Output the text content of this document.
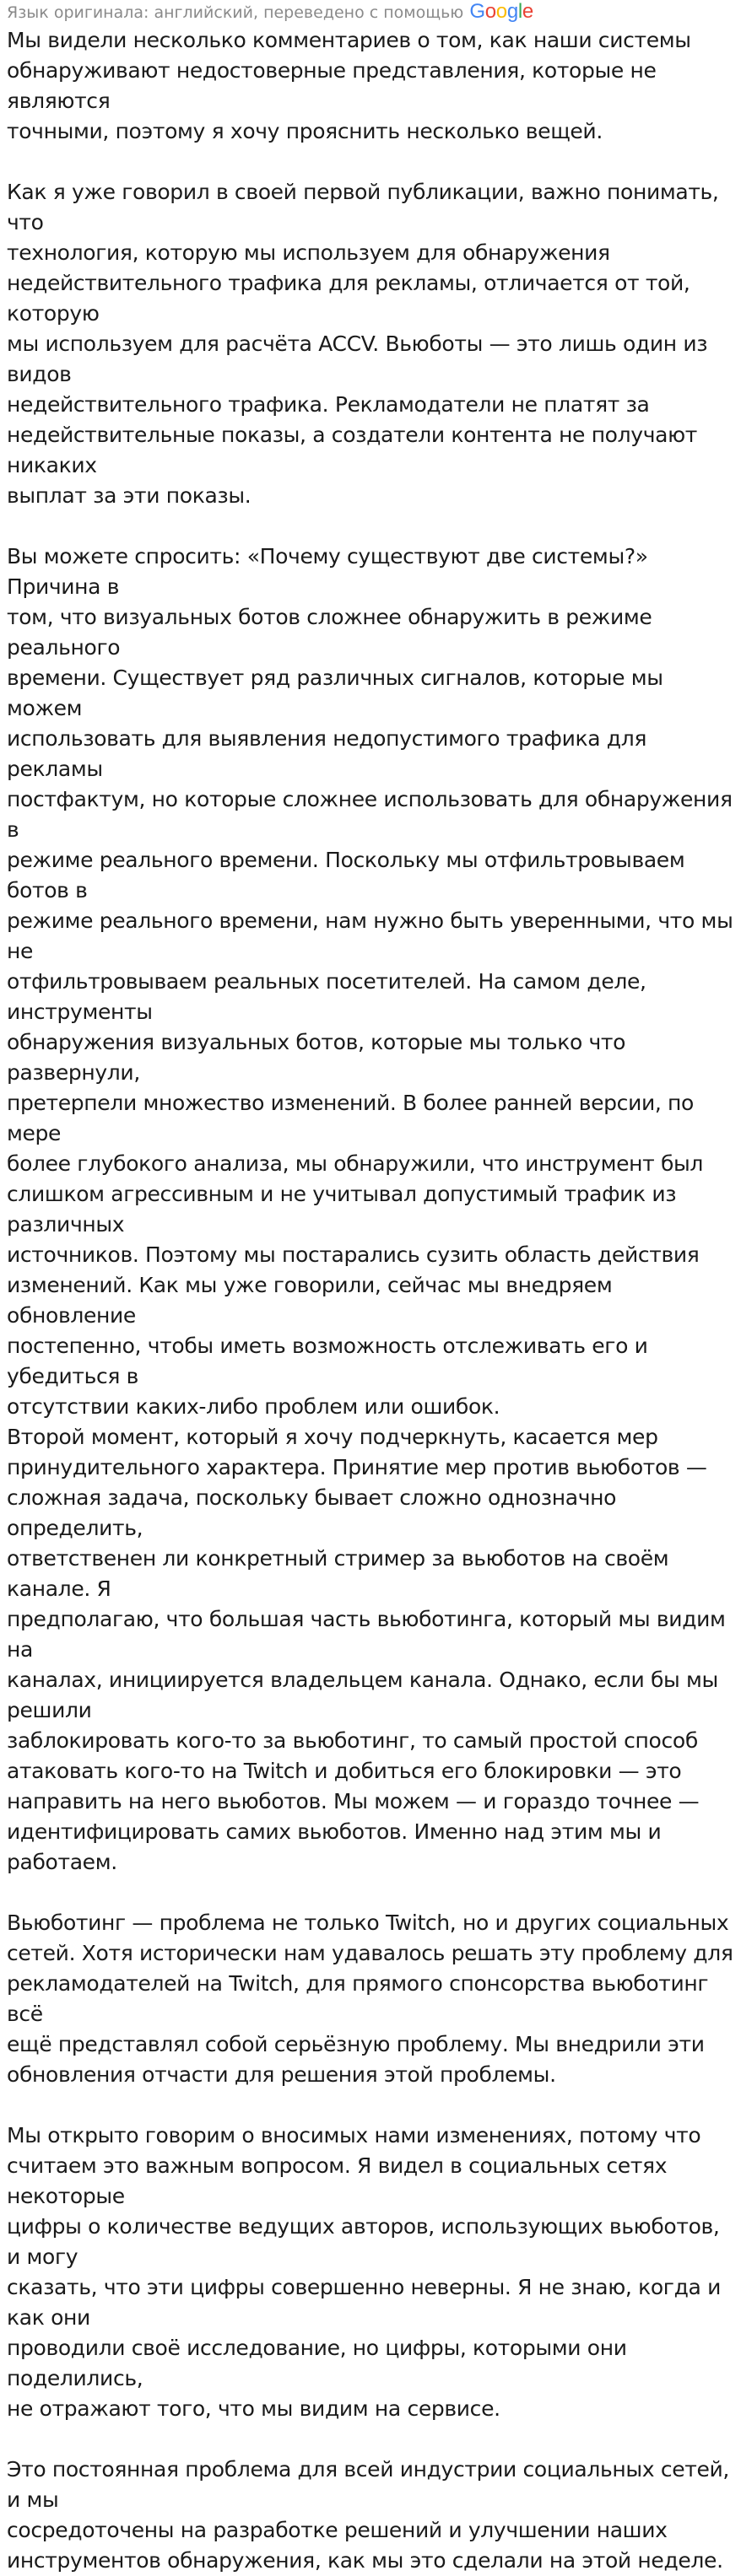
Язык оригинала: английский, переведено с помощью Google

Мы видели несколько комментариев о том, как наши системы
обнаруживают недостоверные представления, которые не являются
точными, поэтому я хочу прояснить несколько вещей.

Как я уже говорил в своей первой публикации, важно понимать, что
технология, которую мы используем для обнаружения
недействительного трафика для рекламы, отличается от той, которую
мы используем для расчёта ACCV. Вьюботы — это лишь один из видов
недействительного трафика. Рекламодатели не платят за
недействительные показы, а создатели контента не получают никаких
выплат за эти показы.

Вы можете спросить: «Почему существуют две системы?» Причина в
том, что визуальных ботов сложнее обнаружить в режиме реального
времени. Существует ряд различных сигналов, которые мы можем
использовать для выявления недопустимого трафика для рекламы
постфактум, но которые сложнее использовать для обнаружения в
режиме реального времени. Поскольку мы отфильтровываем ботов в
режиме реального времени, нам нужно быть уверенными, что мы не
отфильтровываем реальных посетителей. На самом деле, инструменты
обнаружения визуальных ботов, которые мы только что развернули,
претерпели множество изменений. В более ранней версии, по мере
более глубокого анализа, мы обнаружили, что инструмент был
слишком агрессивным и не учитывал допустимый трафик из различных
источников. Поэтому мы постарались сузить область действия
изменений. Как мы уже говорили, сейчас мы внедряем обновление
постепенно, чтобы иметь возможность отслеживать его и убедиться в
отсутствии каких-либо проблем или ошибок.

Второй момент, который я хочу подчеркнуть, касается мер
принудительного характера. Принятие мер против вьюботов —
сложная задача, поскольку бывает сложно однозначно определить,
ответственен ли конкретный стример за вьюботов на своём канале. Я
предполагаю, что большая часть вьюботинга, который мы видим на
каналах, инициируется владельцем канала. Однако, если бы мы решили
заблокировать кого-то за вьюботинг, то самый простой способ
атаковать кого-то на Twitch и добиться его блокировки — это
направить на него вьюботов. Мы можем — и гораздо точнее —
идентифицировать самих вьюботов. Именно над этим мы и работаем.

Вьюботинг — проблема не только Twitch, но и других социальных
сетей. Хотя исторически нам удавалось решать эту проблему для
рекламодателей на Twitch, для прямого спонсорства вьюботинг всё
ещё представлял собой серьёзную проблему. Мы внедрили эти
обновления отчасти для решения этой проблемы.

Мы открыто говорим о вносимых нами изменениях, потому что
считаем это важным вопросом. Я видел в социальных сетях некоторые
цифры о количестве ведущих авторов, использующих вьюботов, и могу
сказать, что эти цифры совершенно неверны. Я не знаю, когда и как они
проводили своё исследование, но цифры, которыми они поделились,
не отражают того, что мы видим на сервисе.

Это постоянная проблема для всей индустрии социальных сетей, и мы
сосредоточены на разработке решений и улучшении наших
инструментов обнаружения, как мы это сделали на этой неделе.
